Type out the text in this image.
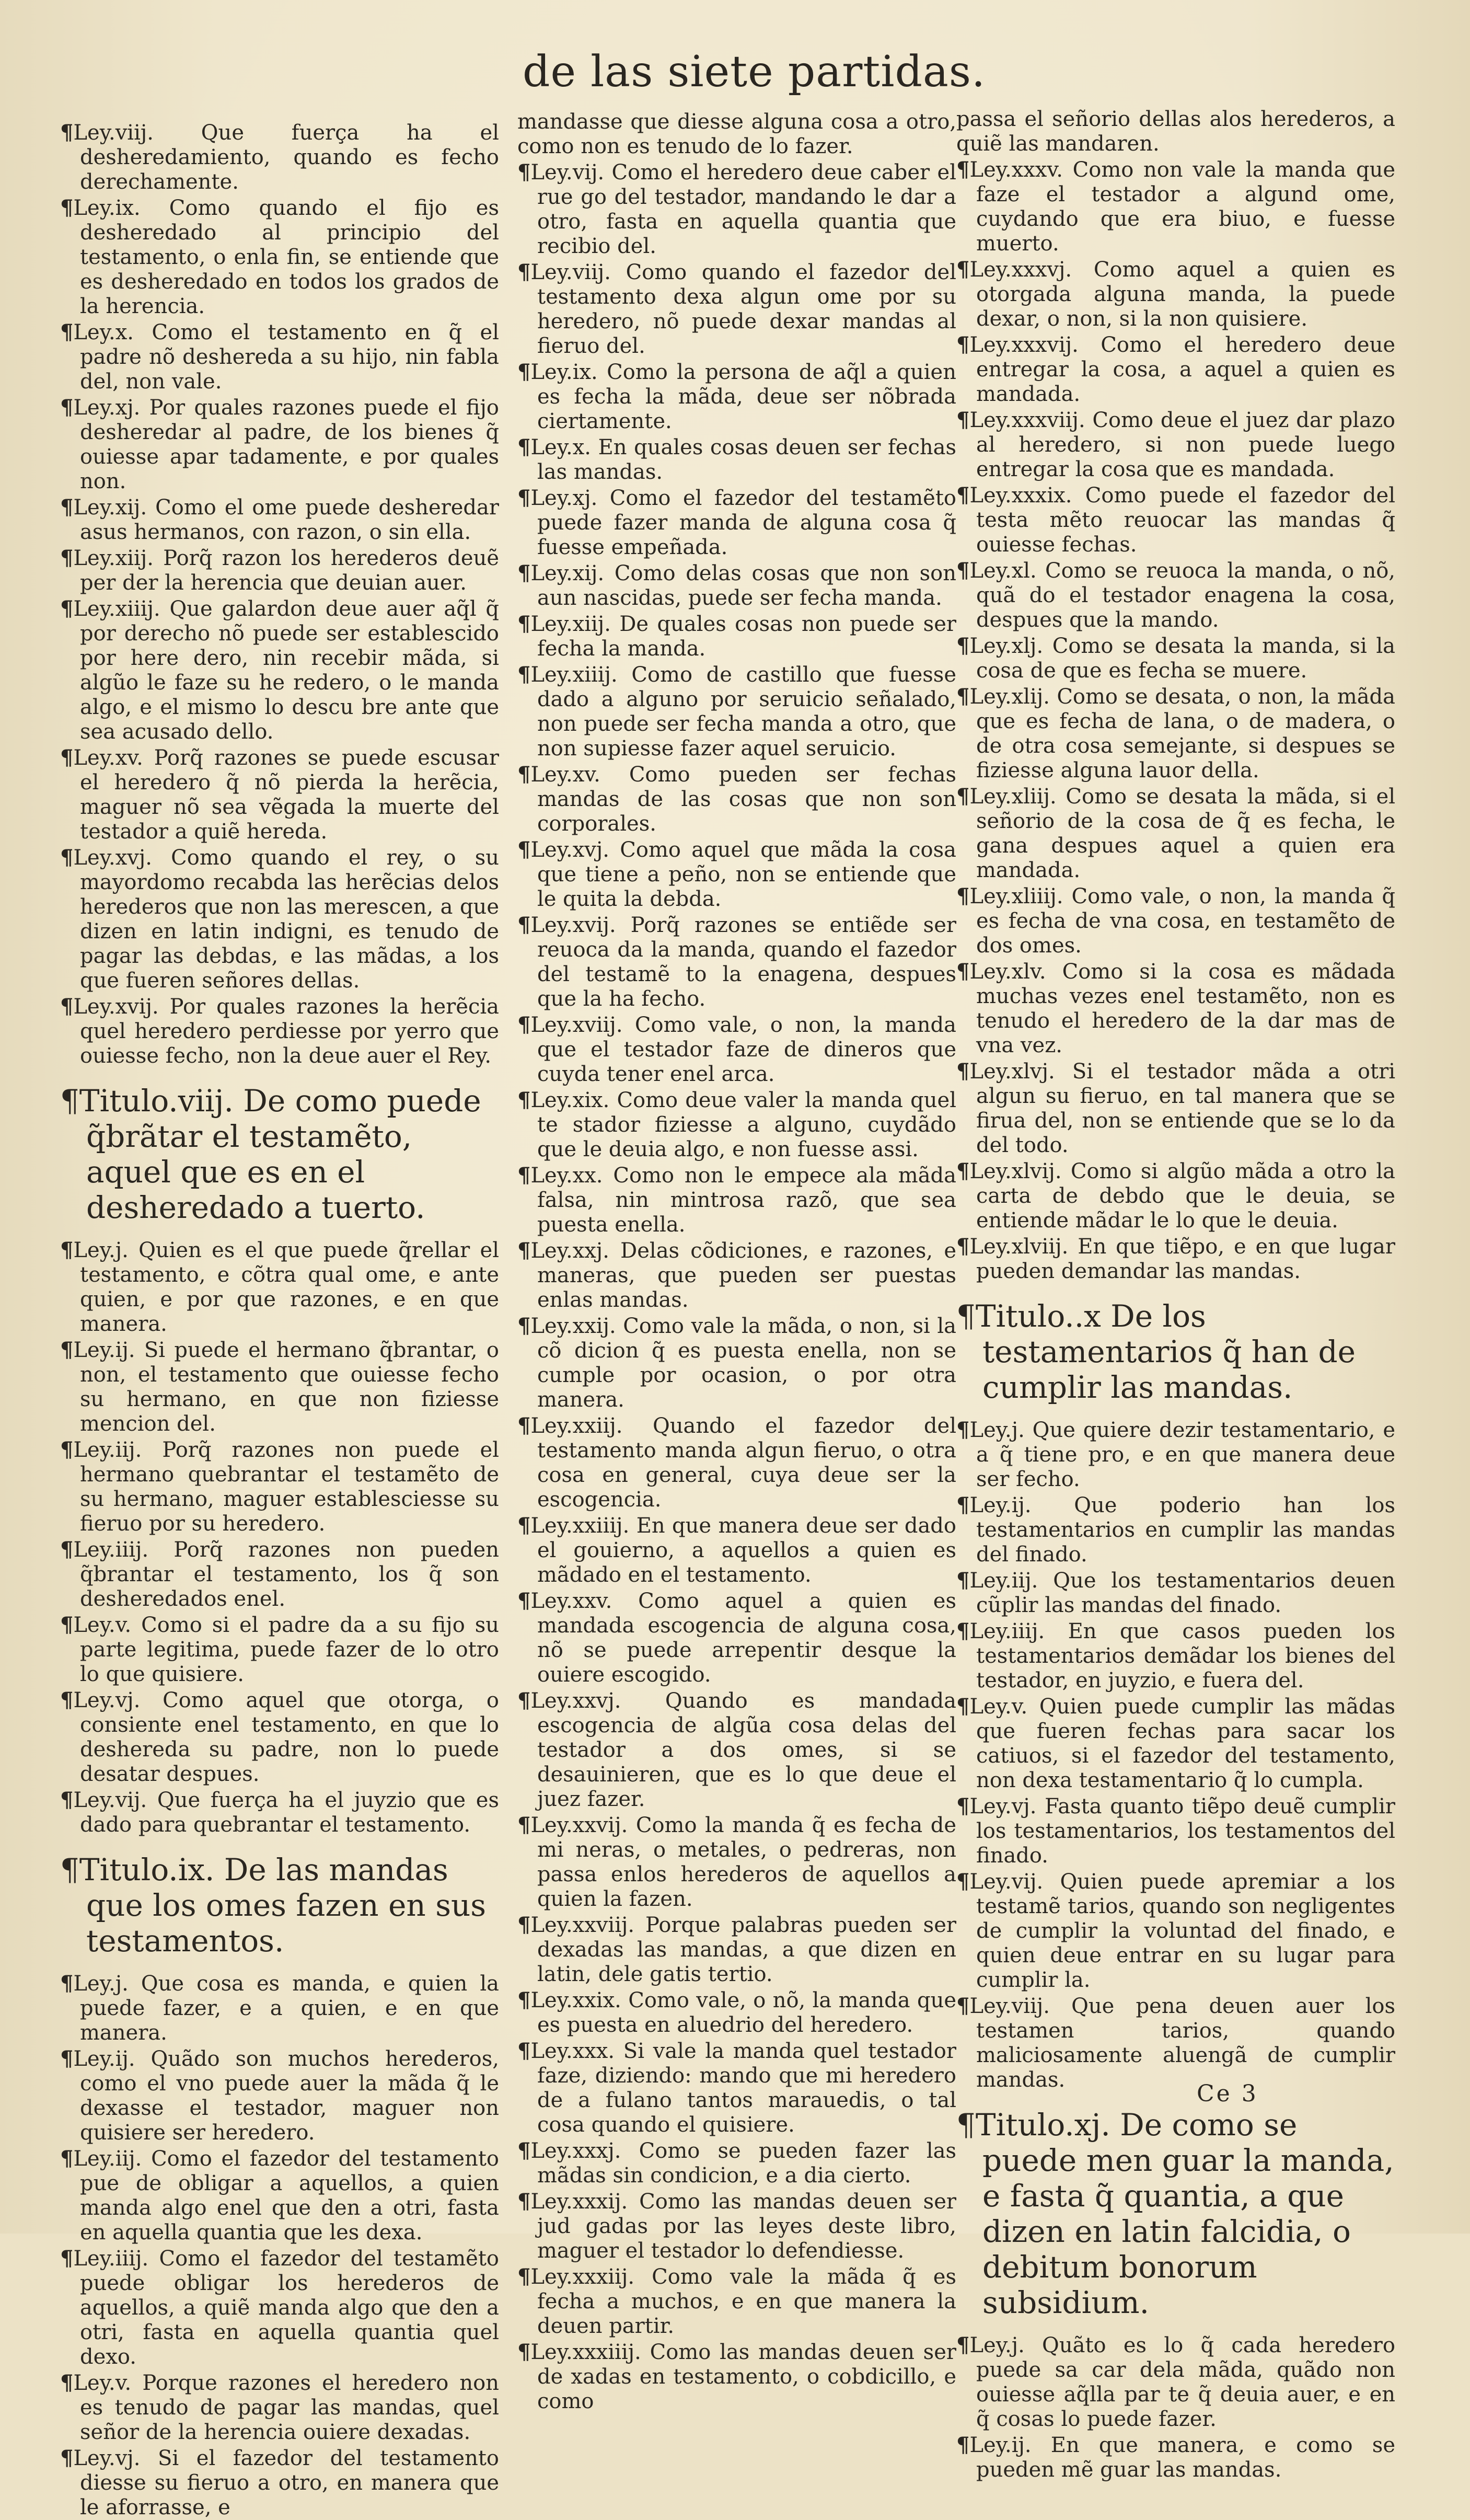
de las siete partidas.

¶Ley.viij. Que fuerça ha el desheredamiento, quando es fecho derechamente.

¶Ley.ix. Como quando el fijo es desheredado al principio del testamento, o enla fin, se entiende que es desheredado en todos los grados de la herencia.

¶Ley.x. Como el testamento en q̃ el padre nõ deshereda a su hijo, nin fabla del, non vale.

¶Ley.xj. Por quales razones puede el fijo desheredar al padre, de los bienes q̃ ouiesse apar tadamente, e por quales non.

¶Ley.xij. Como el ome puede desheredar asus hermanos, con razon, o sin ella.

¶Ley.xiij. Porq̃ razon los herederos deuẽ per der la herencia que deuian auer.

¶Ley.xiiij. Que galardon deue auer aq̃l q̃ por derecho nõ puede ser establescido por here dero, nin recebir mãda, si algũo le faze su he redero, o le manda algo, e el mismo lo descu bre ante que sea acusado dello.

¶Ley.xv. Porq̃ razones se puede escusar el heredero q̃ nõ pierda la herẽcia, maguer nõ sea vẽgada la muerte del testador a quiẽ hereda.

¶Ley.xvj. Como quando el rey, o su mayordomo recabda las herẽcias delos herederos que non las merescen, a que dizen en latin indigni, es tenudo de pagar las debdas, e las mãdas, a los que fueren señores dellas.

¶Ley.xvij. Por quales razones la herẽcia quel heredero perdiesse por yerro que ouiesse fecho, non la deue auer el Rey.

¶Titulo.viij. De como puede q̃brãtar el testamẽto, aquel que es en el desheredado a tuerto.

¶Ley.j. Quien es el que puede q̃rellar el testamento, e cõtra qual ome, e ante quien, e por que razones, e en que manera.

¶Ley.ij. Si puede el hermano q̃brantar, o non, el testamento que ouiesse fecho su hermano, en que non fiziesse mencion del.

¶Ley.iij. Porq̃ razones non puede el hermano quebrantar el testamẽto de su hermano, maguer establesciesse su fieruo por su heredero.

¶Ley.iiij. Porq̃ razones non pueden q̃brantar el testamento, los q̃ son desheredados enel.

¶Ley.v. Como si el padre da a su fijo su parte legitima, puede fazer de lo otro lo que quisiere.

¶Ley.vj. Como aquel que otorga, o consiente enel testamento, en que lo deshereda su padre, non lo puede desatar despues.

¶Ley.vij. Que fuerça ha el juyzio que es dado para quebrantar el testamento.

¶Titulo.ix. De las mandas que los omes fazen en sus testamentos.

¶Ley.j. Que cosa es manda, e quien la puede fazer, e a quien, e en que manera.

¶Ley.ij. Quãdo son muchos herederos, como el vno puede auer la mãda q̃ le dexasse el testador, maguer non quisiere ser heredero.

¶Ley.iij. Como el fazedor del testamento pue de obligar a aquellos, a quien manda algo enel que den a otri, fasta en aquella quantia que les dexa.

¶Ley.iiij. Como el fazedor del testamẽto puede obligar los herederos de aquellos, a quiẽ manda algo que den a otri, fasta en aquella quantia quel dexo.

¶Ley.v. Porque razones el heredero non es tenudo de pagar las mandas, quel señor de la herencia ouiere dexadas.

¶Ley.vj. Si el fazedor del testamento diesse su fieruo a otro, en manera que le aforrasse, e

mandasse que diesse alguna cosa a otro, como non es tenudo de lo fazer.

¶Ley.vij. Como el heredero deue caber el rue go del testador, mandando le dar a otro, fasta en aquella quantia que recibio del.

¶Ley.viij. Como quando el fazedor del testamento dexa algun ome por su heredero, nõ puede dexar mandas al fieruo del.

¶Ley.ix. Como la persona de aq̃l a quien es fecha la mãda, deue ser nõbrada ciertamente.

¶Ley.x. En quales cosas deuen ser fechas las mandas.

¶Ley.xj. Como el fazedor del testamẽto puede fazer manda de alguna cosa q̃ fuesse empeñada.

¶Ley.xij. Como delas cosas que non son aun nascidas, puede ser fecha manda.

¶Ley.xiij. De quales cosas non puede ser fecha la manda.

¶Ley.xiiij. Como de castillo que fuesse dado a alguno por seruicio señalado, non puede ser fecha manda a otro, que non supiesse fazer aquel seruicio.

¶Ley.xv. Como pueden ser fechas mandas de las cosas que non son corporales.

¶Ley.xvj. Como aquel que mãda la cosa que tiene a peño, non se entiende que le quita la debda.

¶Ley.xvij. Porq̃ razones se entiẽde ser reuoca da la manda, quando el fazedor del testamẽ to la enagena, despues que la ha fecho.

¶Ley.xviij. Como vale, o non, la manda que el testador faze de dineros que cuyda tener enel arca.

¶Ley.xix. Como deue valer la manda quel te stador fiziesse a alguno, cuydãdo que le deuia algo, e non fuesse assi.

¶Ley.xx. Como non le empece ala mãda falsa, nin mintrosa razõ, que sea puesta enella.

¶Ley.xxj. Delas cõdiciones, e razones, e maneras, que pueden ser puestas enlas mandas.

¶Ley.xxij. Como vale la mãda, o non, si la cõ dicion q̃ es puesta enella, non se cumple por ocasion, o por otra manera.

¶Ley.xxiij. Quando el fazedor del testamento manda algun fieruo, o otra cosa en general, cuya deue ser la escogencia.

¶Ley.xxiiij. En que manera deue ser dado el gouierno, a aquellos a quien es mãdado en el testamento.

¶Ley.xxv. Como aquel a quien es mandada escogencia de alguna cosa, nõ se puede arrepentir desque la ouiere escogido.

¶Ley.xxvj. Quando es mandada escogencia de algũa cosa delas del testador a dos omes, si se desauinieren, que es lo que deue el juez fazer.

¶Ley.xxvij. Como la manda q̃ es fecha de mi neras, o metales, o pedreras, non passa enlos herederos de aquellos a quien la fazen.

¶Ley.xxviij. Porque palabras pueden ser dexadas las mandas, a que dizen en latin, dele gatis tertio.

¶Ley.xxix. Como vale, o nõ, la manda que es puesta en aluedrio del heredero.

¶Ley.xxx. Si vale la manda quel testador faze, diziendo: mando que mi heredero de a fulano tantos marauedis, o tal cosa quando el quisiere.

¶Ley.xxxj. Como se pueden fazer las mãdas sin condicion, e a dia cierto.

¶Ley.xxxij. Como las mandas deuen ser jud gadas por las leyes deste libro, maguer el testador lo defendiesse.

¶Ley.xxxiij. Como vale la mãda q̃ es fecha a muchos, e en que manera la deuen partir.

¶Ley.xxxiiij. Como las mandas deuen ser de xadas en testamento, o cobdicillo, e como

passa el señorio dellas alos herederos, a quiẽ las mandaren.

¶Ley.xxxv. Como non vale la manda que faze el testador a algund ome, cuydando que era biuo, e fuesse muerto.

¶Ley.xxxvj. Como aquel a quien es otorgada alguna manda, la puede dexar, o non, si la non quisiere.

¶Ley.xxxvij. Como el heredero deue entregar la cosa, a aquel a quien es mandada.

¶Ley.xxxviij. Como deue el juez dar plazo al heredero, si non puede luego entregar la cosa que es mandada.

¶Ley.xxxix. Como puede el fazedor del testa mẽto reuocar las mandas q̃ ouiesse fechas.

¶Ley.xl. Como se reuoca la manda, o nõ, quã do el testador enagena la cosa, despues que la mando.

¶Ley.xlj. Como se desata la manda, si la cosa de que es fecha se muere.

¶Ley.xlij. Como se desata, o non, la mãda que es fecha de lana, o de madera, o de otra cosa semejante, si despues se fiziesse alguna lauor della.

¶Ley.xliij. Como se desata la mãda, si el señorio de la cosa de q̃ es fecha, le gana despues aquel a quien era mandada.

¶Ley.xliiij. Como vale, o non, la manda q̃ es fecha de vna cosa, en testamẽto de dos omes.

¶Ley.xlv. Como si la cosa es mãdada muchas vezes enel testamẽto, non es tenudo el heredero de la dar mas de vna vez.

¶Ley.xlvj. Si el testador mãda a otri algun su fieruo, en tal manera que se firua del, non se entiende que se lo da del todo.

¶Ley.xlvij. Como si algũo mãda a otro la carta de debdo que le deuia, se entiende mãdar le lo que le deuia.

¶Ley.xlviij. En que tiẽpo, e en que lugar pueden demandar las mandas.

¶Titulo..x De los testamentarios q̃ han de cumplir las mandas.

¶Ley.j. Que quiere dezir testamentario, e a q̃ tiene pro, e en que manera deue ser fecho.

¶Ley.ij. Que poderio han los testamentarios en cumplir las mandas del finado.

¶Ley.iij. Que los testamentarios deuen cũplir las mandas del finado.

¶Ley.iiij. En que casos pueden los testamentarios demãdar los bienes del testador, en juyzio, e fuera del.

¶Ley.v. Quien puede cumplir las mãdas que fueren fechas para sacar los catiuos, si el fazedor del testamento, non dexa testamentario q̃ lo cumpla.

¶Ley.vj. Fasta quanto tiẽpo deuẽ cumplir los testamentarios, los testamentos del finado.

¶Ley.vij. Quien puede apremiar a los testamẽ tarios, quando son negligentes de cumplir la voluntad del finado, e quien deue entrar en su lugar para cumplir la.

¶Ley.viij. Que pena deuen auer los testamen tarios, quando maliciosamente aluengã de cumplir mandas.

¶Titulo.xj. De como se puede men guar la manda, e fasta q̃ quantia, a que dizen en latin falcidia, o debitum bonorum subsidium.

¶Ley.j. Quãto es lo q̃ cada heredero puede sa car dela mãda, quãdo non ouiesse aq̃lla par te q̃ deuia auer, e en q̃ cosas lo puede fazer.

¶Ley.ij. En que manera, e como se pueden mẽ guar las mandas.

Ce 3
